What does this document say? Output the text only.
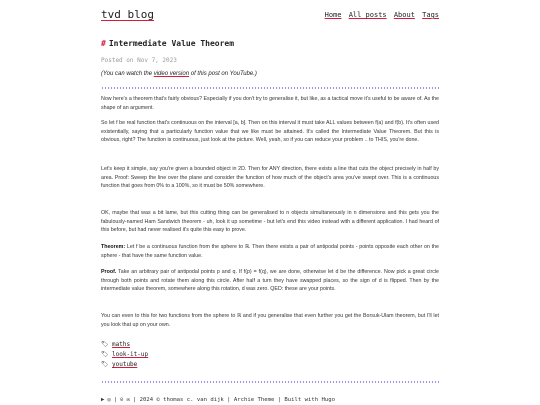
tvd blog	Home All posts About Tags
# Intermediate Value Theorem
Posted on Nov 7, 2023
(You can watch the video version of this post on YouTube.)
Now here's a theorem that's fairly obvious? Especially if you don't try to generalise it, but like, as a tactical move it's useful to be aware of. As the shape of an argument.
So let f be real function that's continuous on the interval [a, b]. Then on this interval it must take ALL values between f(a) and f(b). It's often used existentially, saying that a particularly function value that we like must be attained. It's called the Intermediate Value Theorem. But this is obvious, right? The function is continuous, just look at the picture. Well, yeah, so if you can reduce your problem .. to THIS, you're done.
Let's keep it simple, say you're given a bounded object in 2D. Then for ANY direction, there exists a line that cuts the object precisely in half by area. Proof: Sweep the line over the plane and consider the function of how much of the object's area you've swept over. This is a continuous function that goes from 0% to a 100%, so it must be 50% somewhere.
OK, maybe that was a bit lame, but this cutting thing can be generalised to n objects simultaneously in n dimensions and this gets you the fabulously-named Ham Sandwich theorem - uh, look it up sometime - but let's end this video instead with a different application. I had heard of this before, but had never realised it's quite this easy to prove.
Theorem: Let f be a continuous function from the sphere to ℝ. Then there exists a pair of antipodal points - points opposite each other on the sphere - that have the same function value.
Proof. Take an arbitrary pair of antipodal points p and q. If f(p) = f(q), we are done, otherwise let d be the difference. Now pick a great circle through both points and rotate them along this circle. After half a turn they have swapped places, so the sign of d is flipped. Then by the intermediate value theorem, somewhere along this rotation, d was zero. QED: these are your points.
You can even to this for two functions from the sphere to ℝ and if you generalise that even further you get the Borsuk-Ulam theorem, but I'll let you look that up on your own.
🏷 maths
🏷 look-it-up
🏷 youtube
▶ ◎ | ⊙ ✉ | 2024 © thomas c. van dijk | Archie Theme | Built with Hugo
